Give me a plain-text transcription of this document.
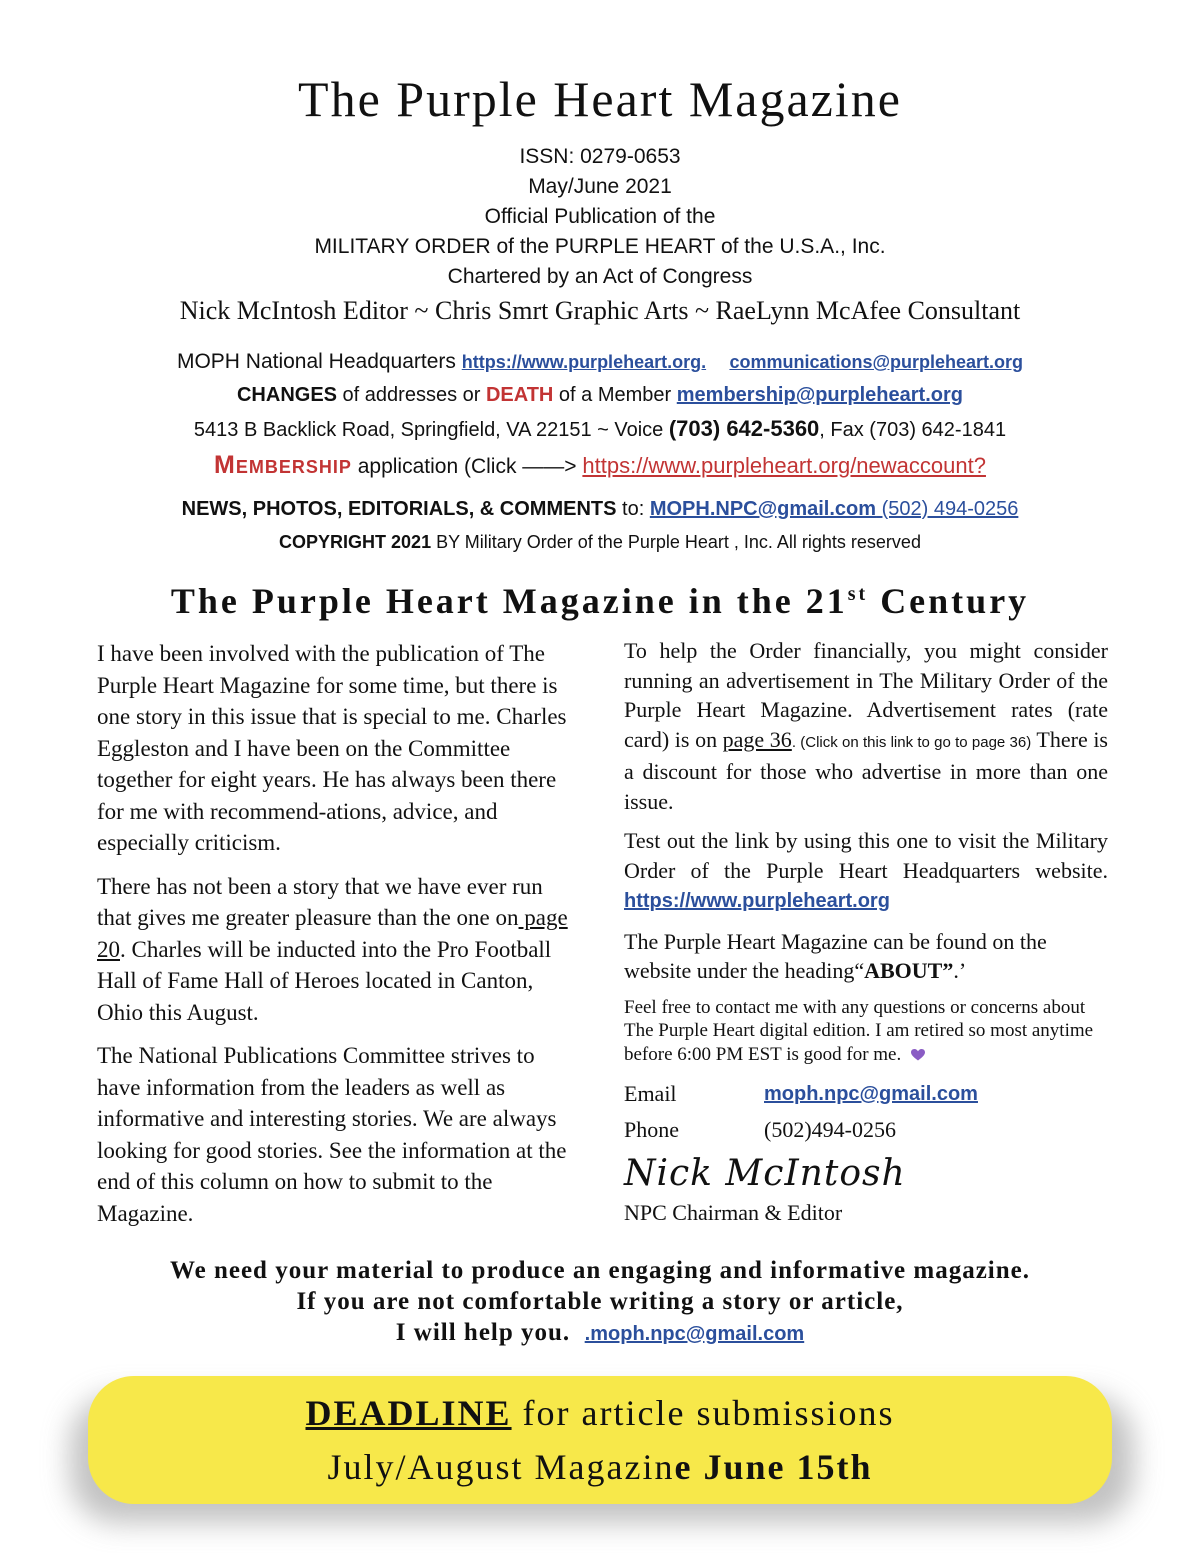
The Purple Heart Magazine
ISSN: 0279-0653
May/June 2021
Official Publication of the
MILITARY ORDER of the PURPLE HEART of the U.S.A., Inc.
Chartered by an Act of Congress
Nick McIntosh Editor ~ Chris Smrt Graphic Arts ~ RaeLynn McAfee Consultant
MOPH National Headquarters https://www.purpleheart.org. communications@purpleheart.org
CHANGES of addresses or DEATH of a Member membership@purpleheart.org
5413 B Backlick Road, Springfield, VA 22151 ~ Voice (703) 642-5360, Fax (703) 642-1841
Membership application (Click ——> https://www.purpleheart.org/newaccount?
NEWS, PHOTOS, EDITORIALS, & COMMENTS to: MOPH.NPC@gmail.com (502) 494-0256
COPYRIGHT 2021 BY Military Order of the Purple Heart , Inc. All rights reserved
The Purple Heart Magazine in the 21st Century

I have been involved with the publication of The Purple Heart Magazine for some time, but there is one story in this issue that is special to me. Charles Eggleston and I have been on the Committee together for eight years. He has always been there for me with recommend-ations, advice, and especially criticism.

There has not been a story that we have ever run that gives me greater pleasure than the one on page 20. Charles will be inducted into the Pro Football Hall of Fame Hall of Heroes located in Canton, Ohio this August.

The National Publications Committee strives to have information from the leaders as well as informative and interesting stories. We are always looking for good stories. See the information at the end of this column on how to submit to the Magazine.

To help the Order financially, you might consider running an advertisement in The Military Order of the Purple Heart Magazine. Advertisement rates (rate card) is on page 36. (Click on this link to go to page 36) There is a discount for those who advertise in more than one issue.

Test out the link by using this one to visit the Military Order of the Purple Heart Headquarters website. https://www.purpleheart.org

The Purple Heart Magazine can be found on the website under the heading“ABOUT”.’

Feel free to contact me with any questions or concerns about The Purple Heart digital edition. I am retired so most anytime before 6:00 PM EST is good for me.

Email	moph.npc@gmail.com
Phone	(502)494-0256
Nick McIntosh
NPC Chairman & Editor
We need your material to produce an engaging and informative magazine.
If you are not comfortable writing a story or article,
I will help you.  .moph.npc@gmail.com
DEADLINE for article submissions
July/August Magazine June 15th
